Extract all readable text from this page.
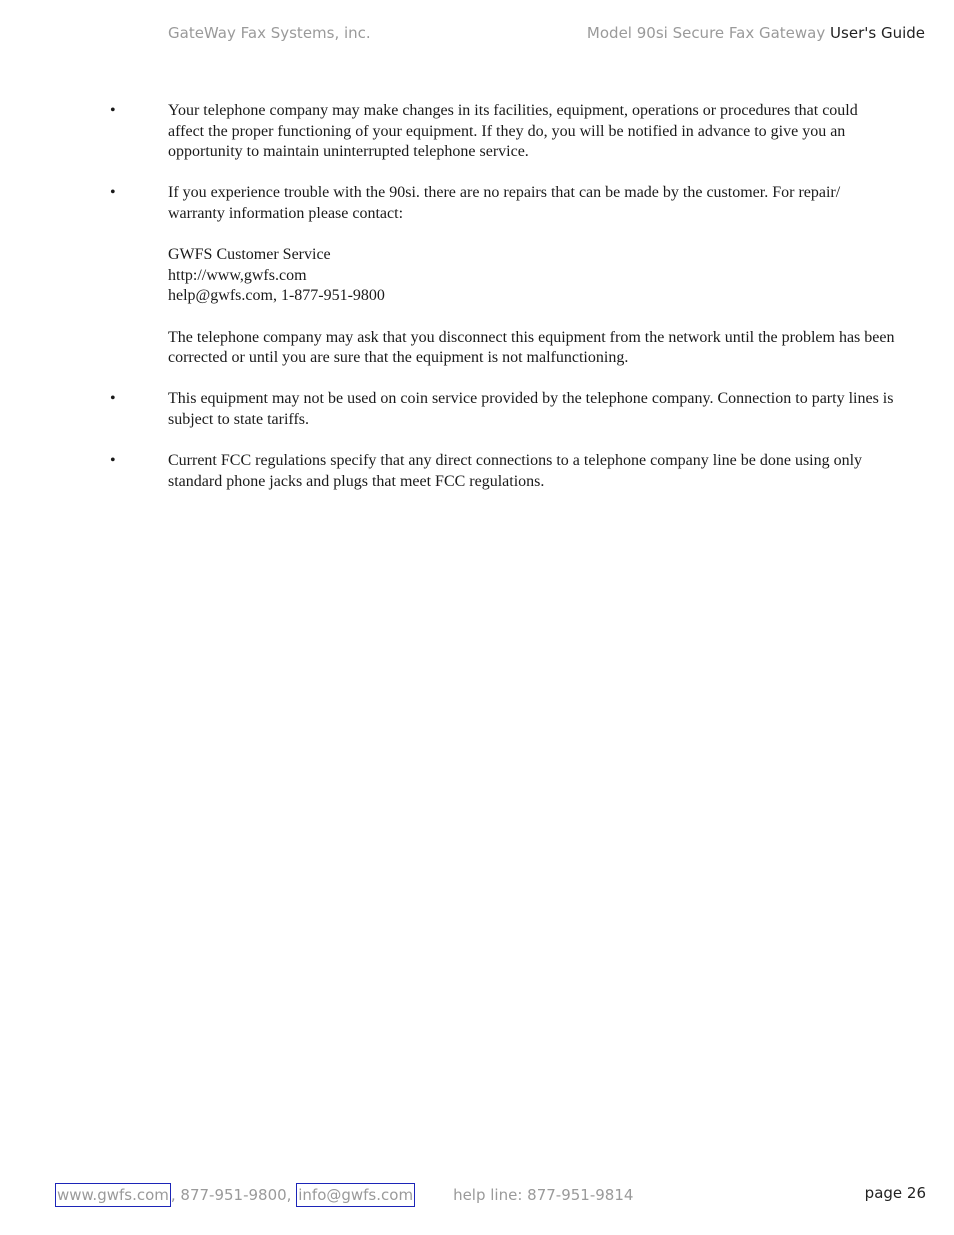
GateWay Fax Systems, inc.	Model 90si Secure Fax Gateway User's Guide
•	Your telephone company may make changes in its facilities, equipment, operations or procedures that could affect the proper functioning of your equipment. If they do, you will be notified in advance to give you an opportunity to maintain uninterrupted telephone service.
•	If you experience trouble with the 90si. there are no repairs that can be made by the customer. For repair/ warranty information please contact:
GWFS Customer Service
http://www,gwfs.com
help@gwfs.com, 1-877-951-9800
The telephone company may ask that you disconnect this equipment from the network until the problem has been corrected or until you are sure that the equipment is not malfunctioning.
•	This equipment may not be used on coin service provided by the telephone company. Connection to party lines is subject to state tariffs.
•	Current FCC regulations specify that any direct connections to a telephone company line be done using only standard phone jacks and plugs that meet FCC regulations.
www.gwfs.com , 877-951-9800, info@gwfs.com	help line: 877-951-9814	page 26
